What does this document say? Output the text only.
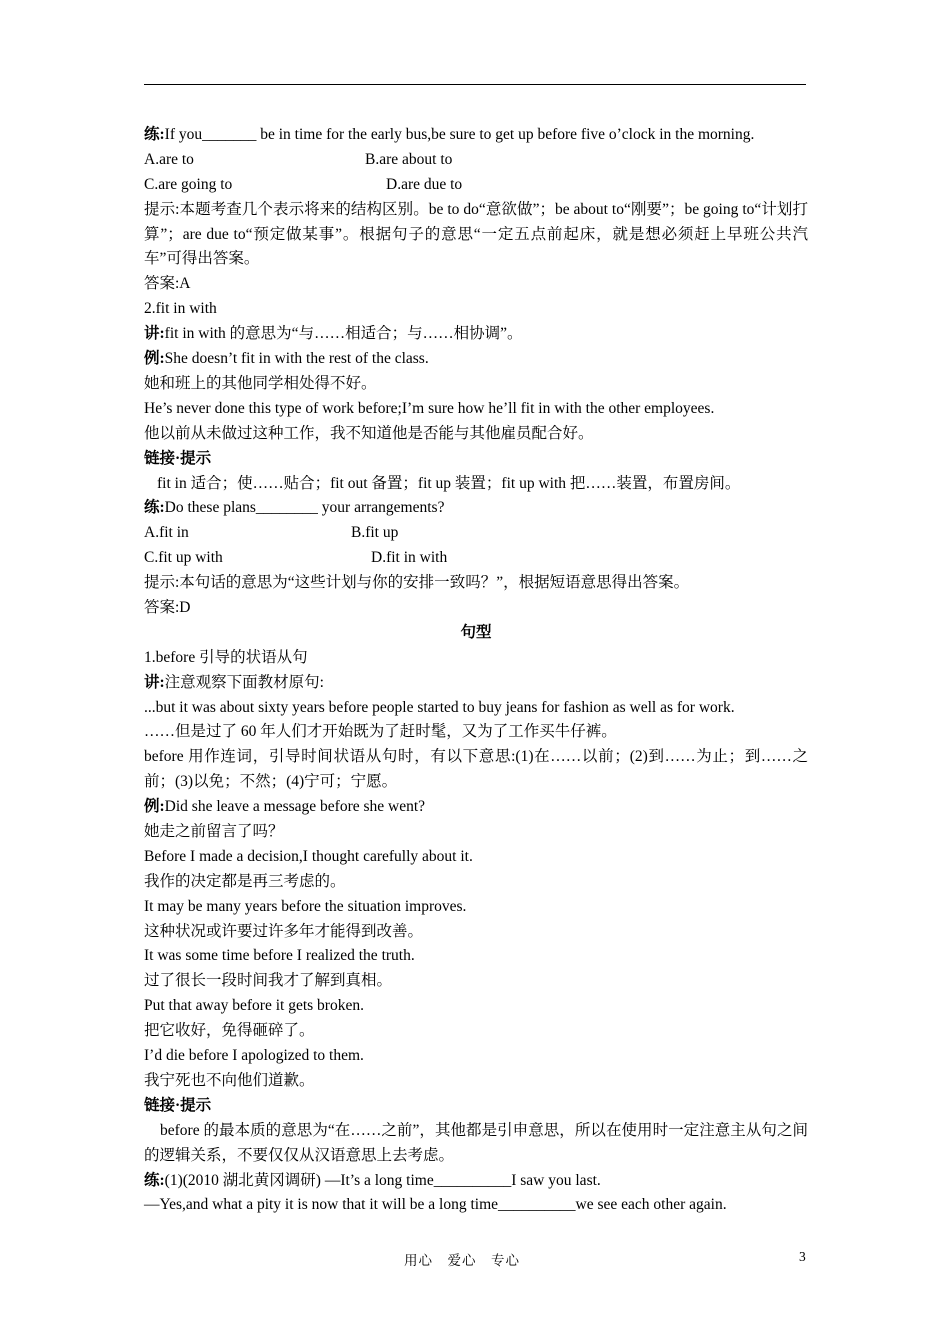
练:If you_______ be in time for the early bus,be sure to get up before five o’clock in the morning.
A.are to	B.are about to
C.are going to	D.are due to
提示:本题考查几个表示将来的结构区别。be to do“意欲做”；be about to“刚要”；be going to“计划打算”；are due to“预定做某事”。根据句子的意思“一定五点前起床，就是想必须赶上早班公共汽车”可得出答案。
答案:A
2.fit in with
讲:fit in with 的意思为“与……相适合；与……相协调”。
例:She doesn’t fit in with the rest of the class.
她和班上的其他同学相处得不好。
He’s never done this type of work before;I’m sure how he’ll fit in with the other employees.
他以前从未做过这种工作，我不知道他是否能与其他雇员配合好。
链接·提示
fit in 适合；使……贴合；fit out 备置；fit up 装置；fit up with 把……装置，布置房间。
练:Do these plans________ your arrangements?
A.fit in	B.fit up
C.fit up with	D.fit in with
提示:本句话的意思为“这些计划与你的安排一致吗？”，根据短语意思得出答案。
答案:D
句型
1.before 引导的状语从句
讲:注意观察下面教材原句:
...but it was about sixty years before people started to buy jeans for fashion as well as for work.
……但是过了 60 年人们才开始既为了赶时髦，又为了工作买牛仔裤。
before 用作连词，引导时间状语从句时，有以下意思:(1)在……以前；(2)到……为止；到……之前；(3)以免；不然；(4)宁可；宁愿。
例:Did she leave a message before she went?
她走之前留言了吗？
Before I made a decision,I thought carefully about it.
我作的决定都是再三考虑的。
It may be many years before the situation improves.
这种状况或许要过许多年才能得到改善。
It was some time before I realized the truth.
过了很长一段时间我才了解到真相。
Put that away before it gets broken.
把它收好，免得砸碎了。
I’d die before I apologized to them.
我宁死也不向他们道歉。
链接·提示
before 的最本质的意思为“在……之前”，其他都是引申意思，所以在使用时一定注意主从句之间的逻辑关系，不要仅仅从汉语意思上去考虑。
练:(1)(2010 湖北黄冈调研) —It’s a long time__________I saw you last.
—Yes,and what a pity it is now that it will be a long time__________we see each other again.
用心　爱心　专心	3
